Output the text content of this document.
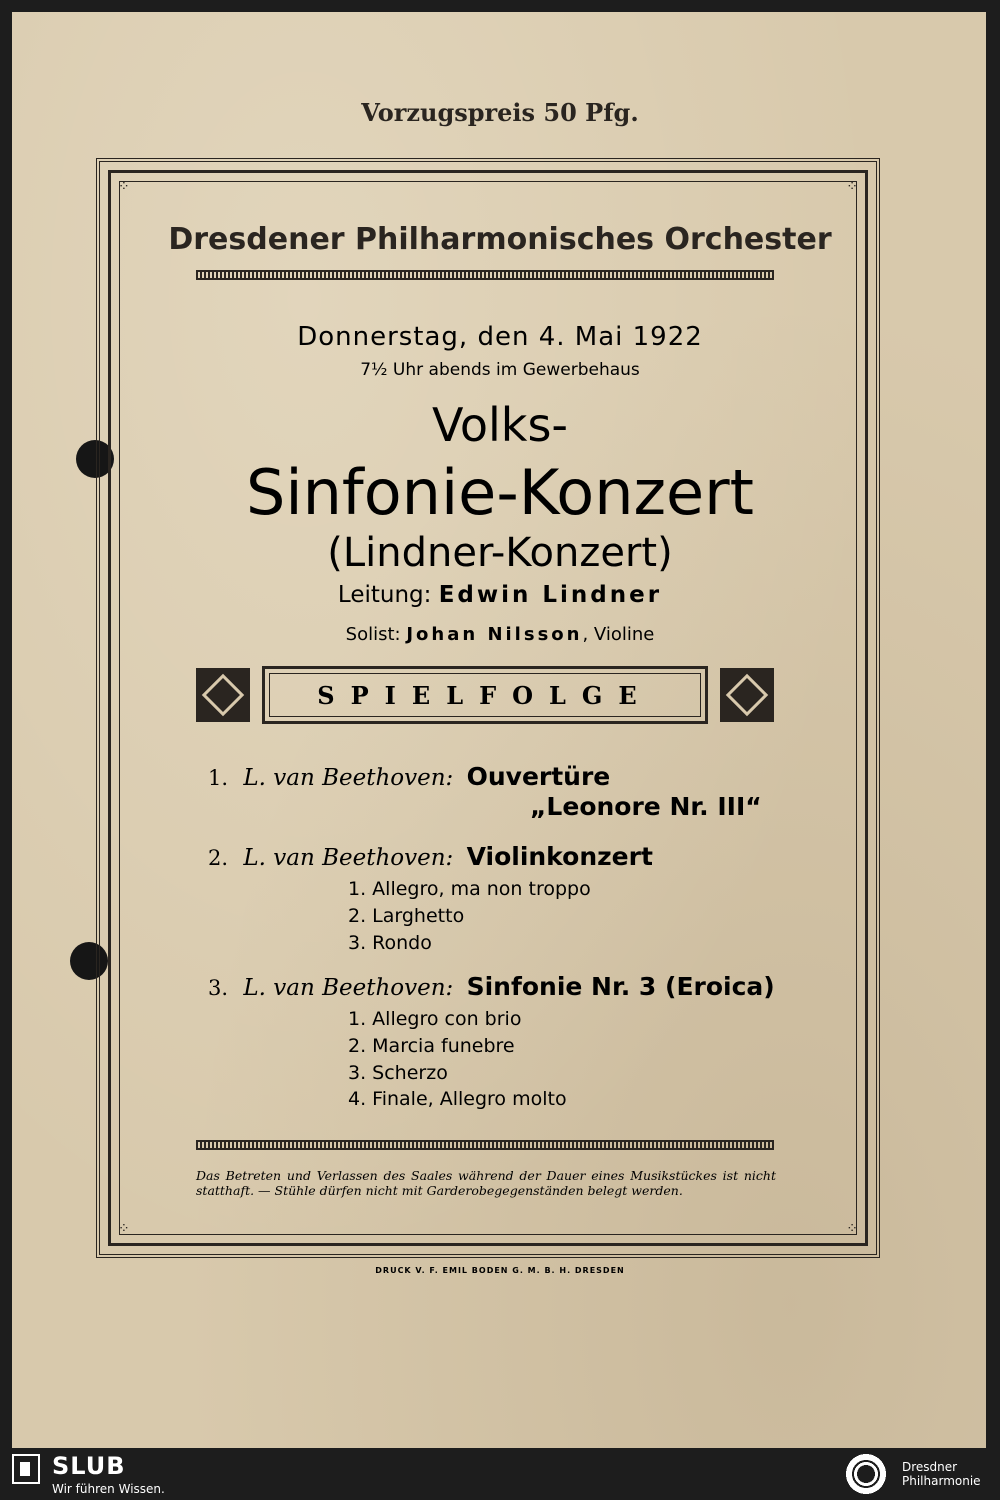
Vorzugspreis 50 Pfg.
⁘	⁘
⁘	⁘
Dresdener Philharmonisches Orchester
Donnerstag, den 4. Mai 1922
7½ Uhr abends im Gewerbehaus
Volks-
Sinfonie-Konzert
(Lindner-Konzert)
Leitung: Edwin Lindner
Solist: Johan Nilsson, Violine
SPIELFOLGE
1. L. van Beethoven: Ouvertüre
„Leonore Nr. III“
2. L. van Beethoven: Violinkonzert
1. Allegro, ma non troppo
2. Larghetto
3. Rondo
3. L. van Beethoven: Sinfonie Nr. 3 (Eroica)
1. Allegro con brio
2. Marcia funebre
3. Scherzo
4. Finale, Allegro molto
Das Betreten und Verlassen des Saales während der Dauer eines Musikstückes ist nicht statthaft. — Stühle dürfen nicht mit Garderobegegenständen belegt werden.
DRUCK V. F. EMIL BODEN G. M. B. H. DRESDEN
SLUB
Wir führen Wissen.
Dresdner
Philharmonie
